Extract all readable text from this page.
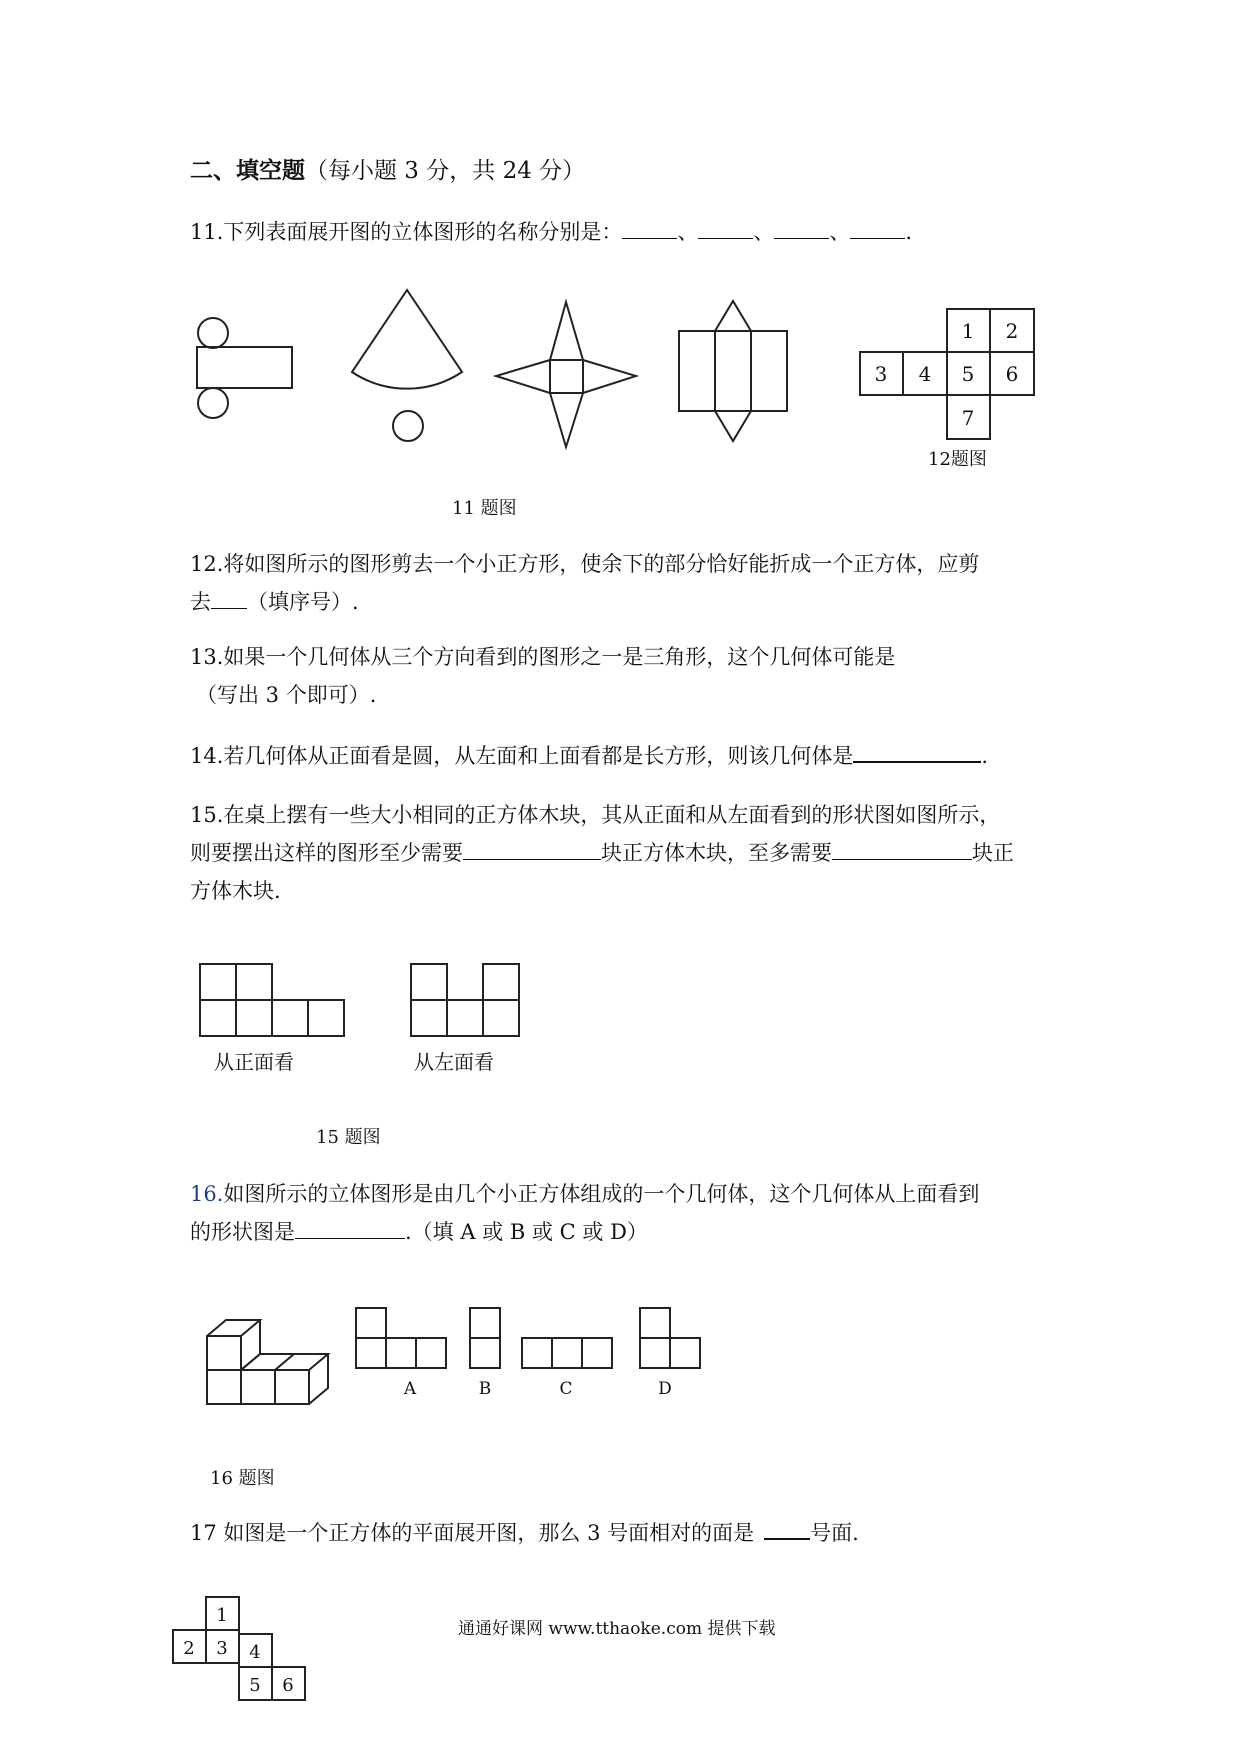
二、填空题（每小题 3 分，共 24 分）
11.下列表面展开图的立体图形的名称分别是：	、	、	、	.
1 2
3 4 5 6
7
12题图
11 题图
从正面看	从左面看
15 题图
A	B	C	D
16 题图
1
2 3 4
5 6
12.将如图所示的图形剪去一个小正方形，使余下的部分恰好能折成一个正方体，应剪
去 （填序号）.
13.如果一个几何体从三个方向看到的图形之一是三角形，这个几何体可能是
（写出 3 个即可）.
14.若几何体从正面看是圆，从左面和上面看都是长方形，则该几何体是	.
15.在桌上摆有一些大小相同的正方体木块，其从正面和从左面看到的形状图如图所示，
则要摆出这样的图形至少需要	块正方体木块，至多需要	块正
方体木块.
16.如图所示的立体图形是由几个小正方体组成的一个几何体，这个几何体从上面看到
的形状图是	.（填 A 或 B 或 C 或 D）
17 如图是一个正方体的平面展开图，那么 3 号面相对的面是	号面.
通通好课网 www.tthaoke.com 提供下载
